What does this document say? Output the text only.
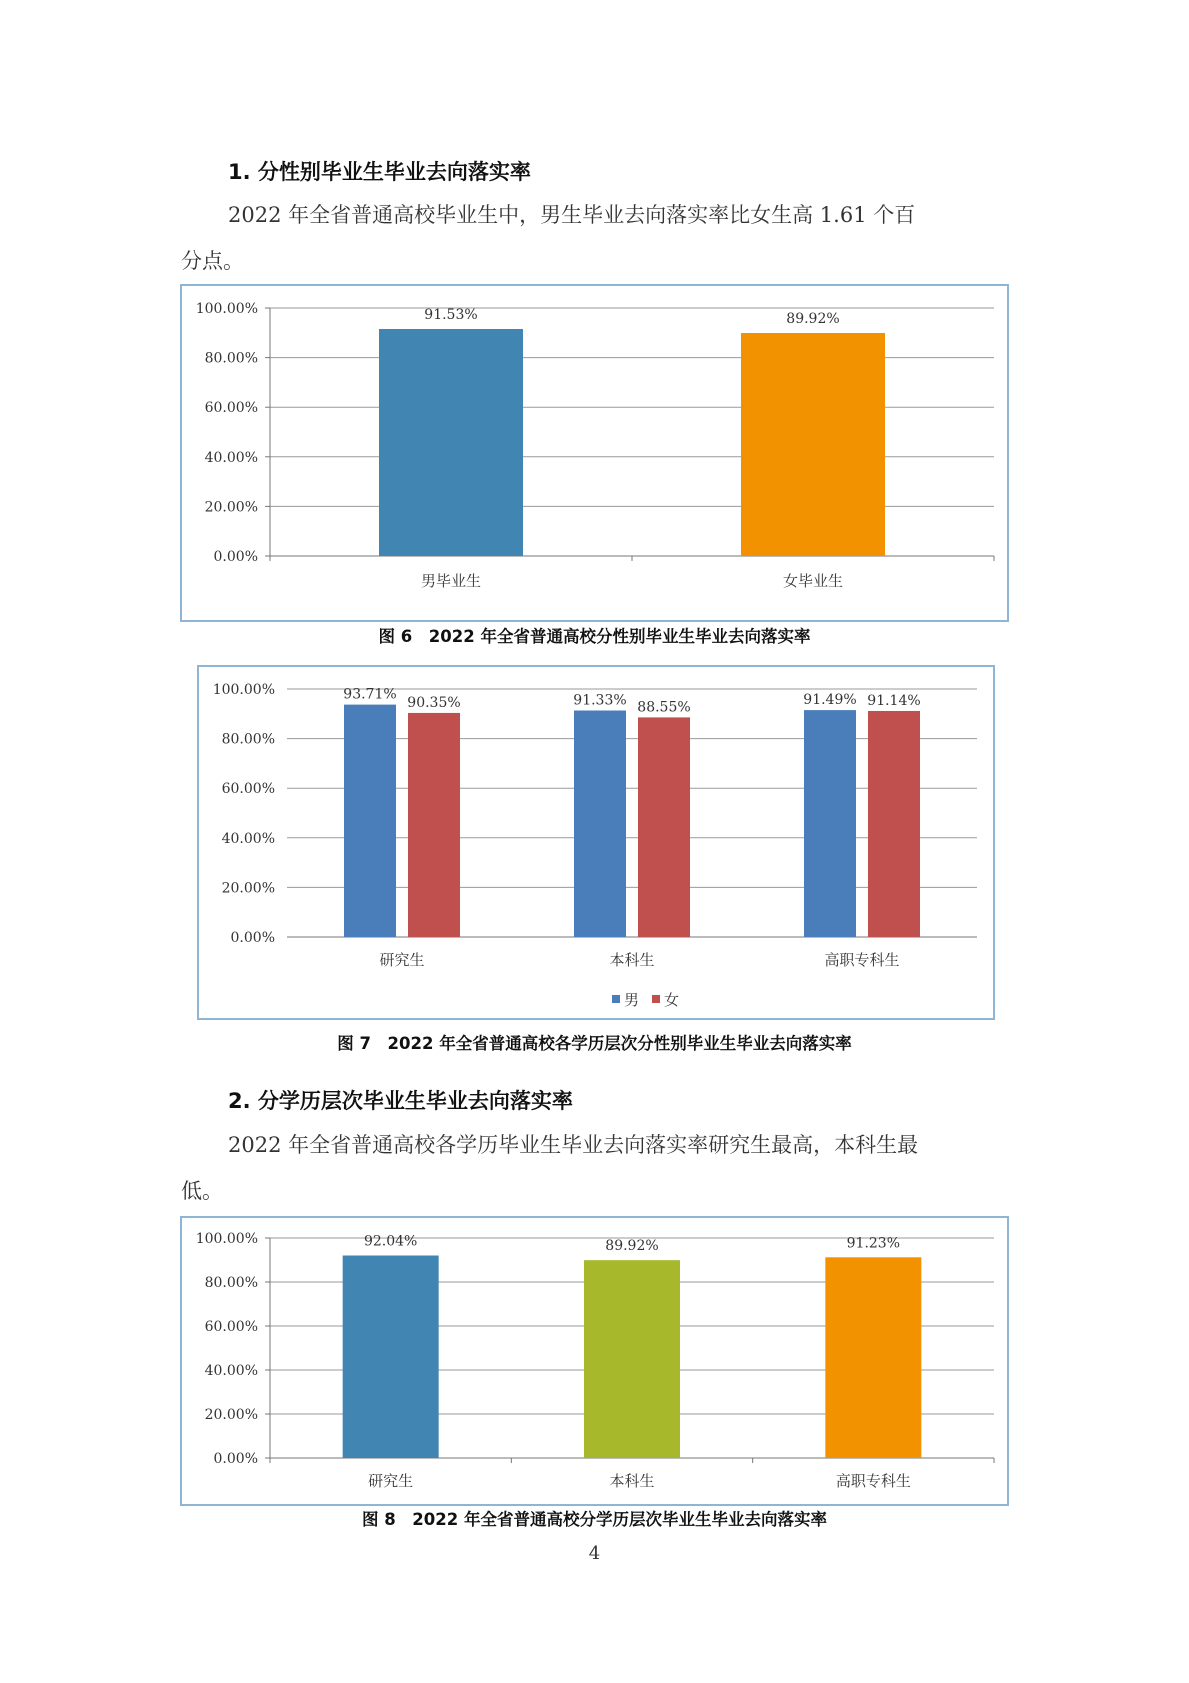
1. 分性别毕业生毕业去向落实率
2022 年全省普通高校毕业生中，男生毕业去向落实率比女生高 1.61 个百
分点。
0.00%
20.00%
40.00%
60.00%
80.00%
100.00%
男毕业生
91.53%
女毕业生
89.92%
图 6　2022 年全省普通高校分性别毕业生毕业去向落实率
0.00%
20.00%
40.00%
60.00%
80.00%
100.00%
研究生
93.71%
90.35%
本科生
91.33% 88.55%
高职专科生
91.49% 91.14%
男 女
图 7　2022 年全省普通高校各学历层次分性别毕业生毕业去向落实率
2. 分学历层次毕业生毕业去向落实率
2022 年全省普通高校各学历毕业生毕业去向落实率研究生最高，本科生最
低。
0.00%
20.00%
40.00%
60.00%
80.00%
100.00%
研究生
92.04%
本科生
89.92%
高职专科生
91.23%
图 8　2022 年全省普通高校分学历层次毕业生毕业去向落实率
4
